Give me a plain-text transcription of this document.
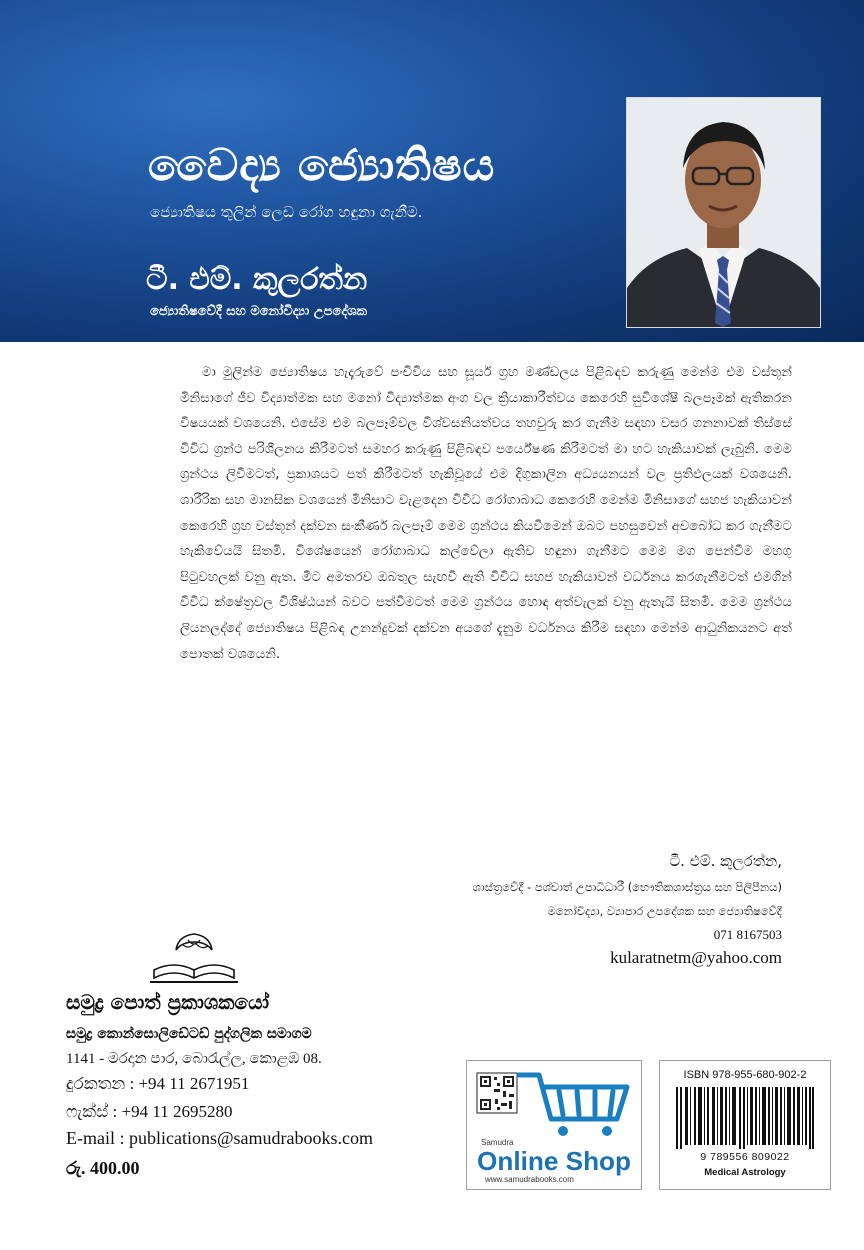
වෛද්‍ය ජ්‍යොතිෂය
ජ්‍යොතිෂය තුලින් ලෙඩ රෝග හඳුනා ගැනීම.
ටී. එම්. කුලරත්න
ජ්‍යොතිෂවේදී සහ මනෝවිද්‍යා උපදේශක

මා මුලින්ම ජ්‍යොතිෂය හැදෑරුවේ පංචිවිය සහ සූර්ය ග්‍රහ මණ්ඩලය පිළිබඳව කරුණු මෙන්ම එම වස්තූන් මිනිසාගේ ජීව විද්‍යාත්මක සහ මනෝ විද්‍යාත්මක අංග වල ක්‍රියාකාරීත්වය කෙරෙහි සුවිශේෂී බලපෑමක් ඇතිකරන විෂයයක් වශයෙනි. එසේම එම බලපෑම්වල විශ්වසනියත්වය තහවුරු කර ගැනීම සඳහා වසර ගනනාවක් තිස්සේ විවිධ ග්‍රන්ථ පරිශීලනය කිරීමටත් සමහර කරුණු පිළිබඳව පර්යේෂණ කිරීමටත් මා හට හැකියාවක් ලැබුනි. මෙම ග්‍රන්ථය ලිවීමටත්, ප්‍රකාශයට පත් කිරීමටත් හැකිවූයේ එම දිගුකාලින අධ්‍යයනයන් වල ප්‍රතිඵලයක් වශයෙනි. ශාරීරික සහ මානසික වශයෙන් මිනිසාට වැළදෙන විවිධ රෝගාබාධ කෙරෙහි මෙන්ම මිනිසාගේ සහජ හැකියාවන් කෙරෙහි ග්‍රහ වස්තූන් දක්වන සංකීර්ණ බලපෑම් මෙම ග්‍රන්ථය කියවීමෙන් ඔබට පහසුවෙන් අවබෝධ කර ගැනීමට හැකිවේයයි සිතමි. විශේෂයෙන් රෝගාබාධ කල්වේලා ඇතිව හඳුනා ගැනීමට මෙම මග පෙන්වීම මහගු පිටුවහලක් වනු ඇත. මීට අමතරව ඔබතුල සැඟවී ඇති විවිධ සහජ හැකියාවන් වර්ධනය කරගැනීමටත් එමගින් විවිධ ක්ෂේත්‍රවල විශිෂ්ඨයන් බවට පත්වීමටත් මෙම ග්‍රන්ථය හොඳ අත්වැලක් වනු ඇතැයි සිතමි. මෙම ග්‍රන්ථය ලියනලද්දේ ජ්‍යොතිෂය පිළිබඳ උනන්දුවක් දක්වන අයගේ දැනුම වර්ධනය කිරීම සඳහා මෙන්ම ආධුනිකයනට අත් පොතක් වශයෙනි.

ටී. එම්. කුලරත්න,
ශාස්ත්‍රවේදී - පශ්චාත් උපාධිධාරී (භෞතිකශාස්ත්‍රය සහ පිලිපීනය)
මනෝවිද්‍යා, ව්‍යාපාර උපදේශක සහ ජ්‍යොතිෂවේදී
071 8167503
kularatnetm@yahoo.com
සමුද්‍ර පොත් ප්‍රකාශකයෝ
සමුද්‍ර කොන්සොලිඩේටඩ් පුද්ගලික සමාගම
1141 - මරදාන පාර, බොරැල්ල, කොළඹ 08.
දුරකතන : +94 11 2671951
ෆැක්ස් : +94 11 2695280
E-mail : publications@samudrabooks.com
රු. 400.00
Samudra
Online Shop
www.samudrabooks.com
ISBN 978-955-680-902-2
9 789556 809022
Medical Astrology
